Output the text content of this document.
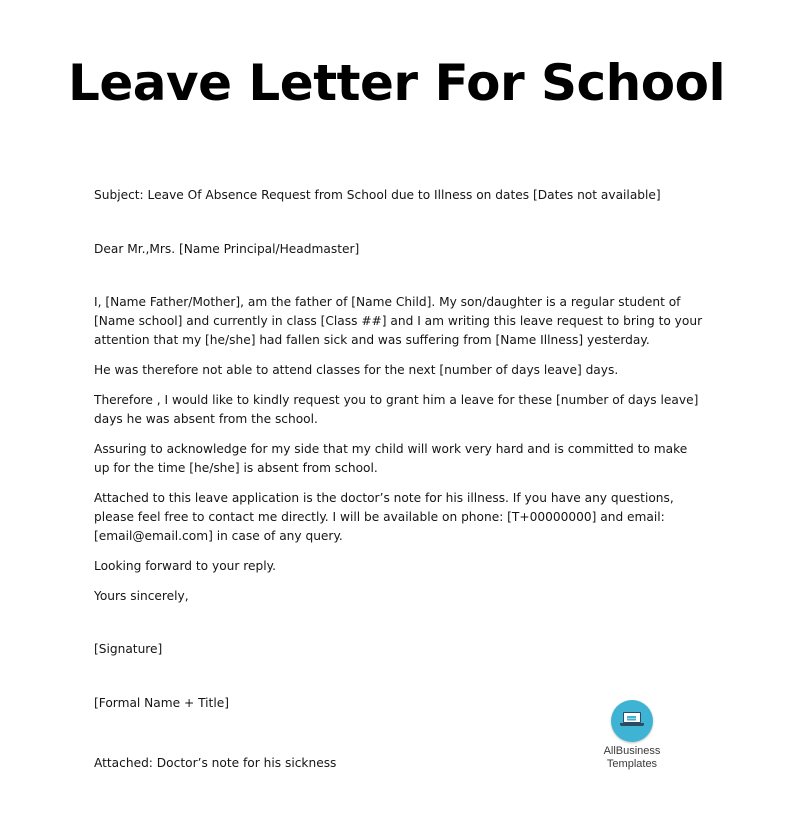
Leave Letter For School

Subject: Leave Of Absence Request from School due to Illness on dates [Dates not available]

Dear Mr.,Mrs. [Name Principal/Headmaster]

I, [Name Father/Mother], am the father of [Name Child]. My son/daughter is a regular student of [Name school] and currently in class [Class ##] and I am writing this leave request to bring to your attention that my [he/she] had fallen sick and was suffering from [Name Illness] yesterday.

He was therefore not able to attend classes for the next [number of days leave] days.

Therefore , I would like to kindly request you to grant him a leave for these [number of days leave] days he was absent from the school.

Assuring to acknowledge for my side that my child will work very hard and is committed to make up for the time [he/she] is absent from school.

Attached to this leave application is the doctor’s note for his illness. If you have any questions, please feel free to contact me directly. I will be available on phone: [T+00000000] and email: [email@email.com] in case of any query.

Looking forward to your reply.

Yours sincerely,

[Signature]

[Formal Name + Title]

Attached: Doctor’s note for his sickness

AllBusiness
Templates
